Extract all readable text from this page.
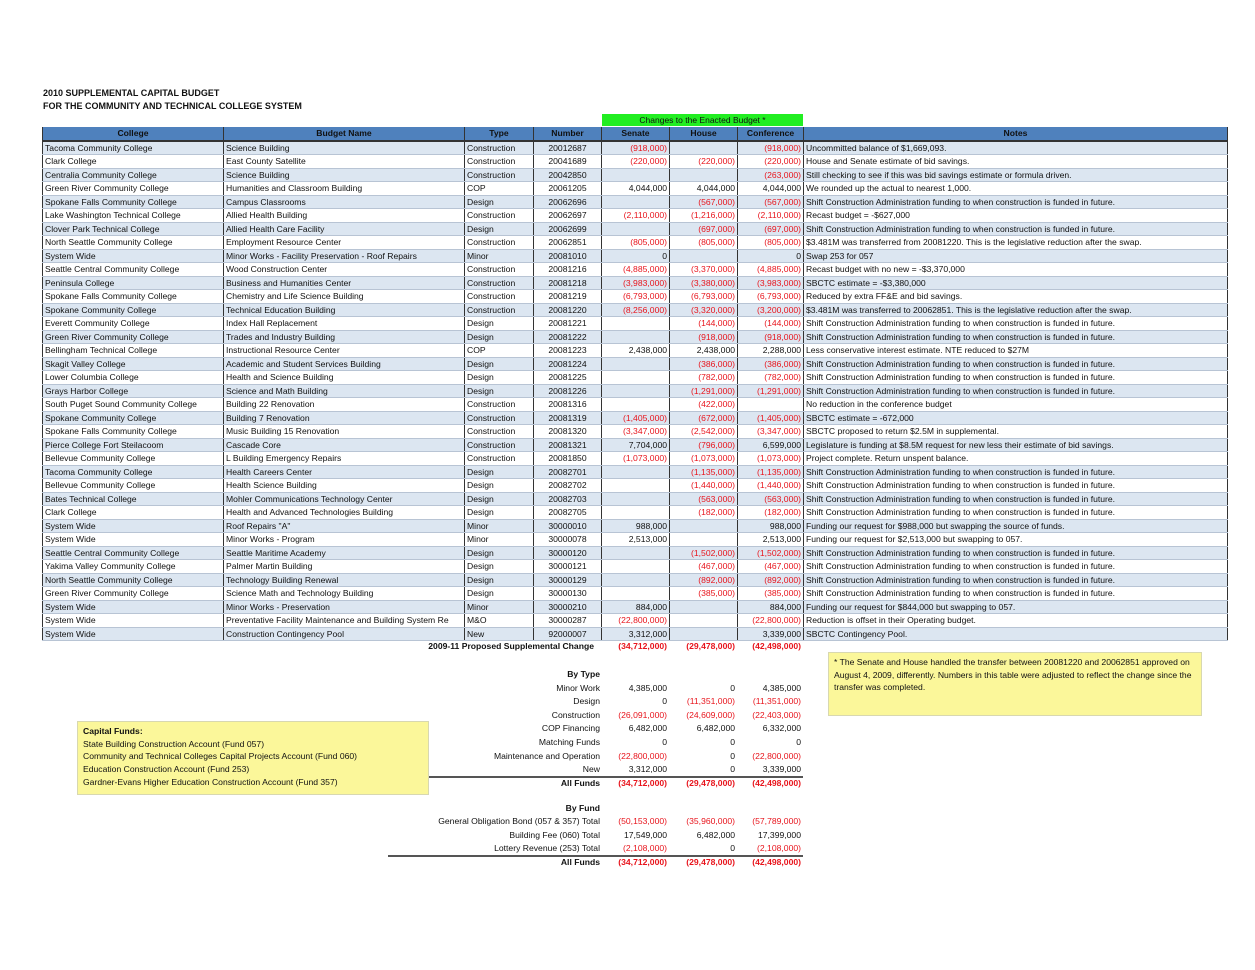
2010 SUPPLEMENTAL CAPITAL BUDGET
FOR THE COMMUNITY AND TECHNICAL COLLEGE SYSTEM
Changes to the Enacted Budget *
College	Budget Name	Type	Number	Senate	House	Conference	Notes
Tacoma Community College	Science Building	Construction	20012687	(918,000)		(918,000)	Uncommitted balance of $1,669,093.
Clark College	East County Satellite	Construction	20041689	(220,000)	(220,000)	(220,000)	House and Senate estimate of bid savings.
Centralia Community College	Science Building	Construction	20042850			(263,000)	Still checking to see if this was bid savings estimate or formula driven.
Green River Community College	Humanities and Classroom Building	COP	20061205	4,044,000	4,044,000	4,044,000	We rounded up the actual to nearest 1,000.
Spokane Falls Community College	Campus Classrooms	Design	20062696		(567,000)	(567,000)	Shift Construction Administration funding to when construction is funded in future.
Lake Washington Technical College	Allied Health Building	Construction	20062697	(2,110,000)	(1,216,000)	(2,110,000)	Recast budget = -$627,000
Clover Park Technical College	Allied Health Care Facility	Design	20062699		(697,000)	(697,000)	Shift Construction Administration funding to when construction is funded in future.
North Seattle Community College	Employment Resource Center	Construction	20062851	(805,000)	(805,000)	(805,000)	$3.481M was transferred from 20081220. This is the legislative reduction after the swap.
System Wide	Minor Works - Facility Preservation - Roof Repairs	Minor	20081010	0		0	Swap 253 for 057
Seattle Central Community College	Wood Construction Center	Construction	20081216	(4,885,000)	(3,370,000)	(4,885,000)	Recast budget with no new = -$3,370,000
Peninsula College	Business and Humanities Center	Construction	20081218	(3,983,000)	(3,380,000)	(3,983,000)	SBCTC estimate = -$3,380,000
Spokane Falls Community College	Chemistry and Life Science Building	Construction	20081219	(6,793,000)	(6,793,000)	(6,793,000)	Reduced by extra FF&E and bid savings.
Spokane Community College	Technical Education Building	Construction	20081220	(8,256,000)	(3,320,000)	(3,200,000)	$3.481M was transferred to 20062851. This is the legislative reduction after the swap.
Everett Community College	Index Hall Replacement	Design	20081221		(144,000)	(144,000)	Shift Construction Administration funding to when construction is funded in future.
Green River Community College	Trades and Industry Building	Design	20081222		(918,000)	(918,000)	Shift Construction Administration funding to when construction is funded in future.
Bellingham Technical College	Instructional Resource Center	COP	20081223	2,438,000	2,438,000	2,288,000	Less conservative interest estimate. NTE reduced to $27M
Skagit Valley College	Academic and Student Services Building	Design	20081224		(386,000)	(386,000)	Shift Construction Administration funding to when construction is funded in future.
Lower Columbia College	Health and Science Building	Design	20081225		(782,000)	(782,000)	Shift Construction Administration funding to when construction is funded in future.
Grays Harbor College	Science and Math Building	Design	20081226		(1,291,000)	(1,291,000)	Shift Construction Administration funding to when construction is funded in future.
South Puget Sound Community College	Building 22 Renovation	Construction	20081316		(422,000)		No reduction in the conference budget
Spokane Community College	Building 7 Renovation	Construction	20081319	(1,405,000)	(672,000)	(1,405,000)	SBCTC estimate = -672,000
Spokane Falls Community College	Music Building 15 Renovation	Construction	20081320	(3,347,000)	(2,542,000)	(3,347,000)	SBCTC proposed to return $2.5M in supplemental.
Pierce College Fort Steilacoom	Cascade Core	Construction	20081321	7,704,000	(796,000)	6,599,000	Legislature is funding at $8.5M request for new less their estimate of bid savings.
Bellevue Community College	L Building Emergency Repairs	Construction	20081850	(1,073,000)	(1,073,000)	(1,073,000)	Project complete. Return unspent balance.
Tacoma Community College	Health Careers Center	Design	20082701		(1,135,000)	(1,135,000)	Shift Construction Administration funding to when construction is funded in future.
Bellevue Community College	Health Science Building	Design	20082702		(1,440,000)	(1,440,000)	Shift Construction Administration funding to when construction is funded in future.
Bates Technical College	Mohler Communications Technology Center	Design	20082703		(563,000)	(563,000)	Shift Construction Administration funding to when construction is funded in future.
Clark College	Health and Advanced Technologies Building	Design	20082705		(182,000)	(182,000)	Shift Construction Administration funding to when construction is funded in future.
System Wide	Roof Repairs "A"	Minor	30000010	988,000		988,000	Funding our request for $988,000 but swapping the source of funds.
System Wide	Minor Works - Program	Minor	30000078	2,513,000		2,513,000	Funding our request for $2,513,000 but swapping to 057.
Seattle Central Community College	Seattle Maritime Academy	Design	30000120		(1,502,000)	(1,502,000)	Shift Construction Administration funding to when construction is funded in future.
Yakima Valley Community College	Palmer Martin Building	Design	30000121		(467,000)	(467,000)	Shift Construction Administration funding to when construction is funded in future.
North Seattle Community College	Technology Building Renewal	Design	30000129		(892,000)	(892,000)	Shift Construction Administration funding to when construction is funded in future.
Green River Community College	Science Math and Technology Building	Design	30000130		(385,000)	(385,000)	Shift Construction Administration funding to when construction is funded in future.
System Wide	Minor Works - Preservation	Minor	30000210	884,000		884,000	Funding our request for $844,000 but swapping to 057.
System Wide	Preventative Facility Maintenance and Building System Re	M&O	30000287	(22,800,000)		(22,800,000)	Reduction is offset in their Operating budget.
System Wide	Construction Contingency Pool	New	92000007	3,312,000		3,339,000	SBCTC Contingency Pool.
2009-11 Proposed Supplemental Change	(34,712,000)	(29,478,000)	(42,498,000)
By Type
Minor Work	4,385,000	0	4,385,000
Design	0	(11,351,000)	(11,351,000)
Construction	(26,091,000)	(24,609,000)	(22,403,000)
COP Financing	6,482,000	6,482,000	6,332,000
Matching Funds	0	0	0
Maintenance and Operation	(22,800,000)	0	(22,800,000)
New	3,312,000	0	3,339,000
All Funds	(34,712,000)	(29,478,000)	(42,498,000)
By Fund
General Obligation Bond (057 & 357) Total	(50,153,000)	(35,960,000)	(57,789,000)
Building Fee (060) Total	17,549,000	6,482,000	17,399,000
Lottery Revenue (253) Total	(2,108,000)	0	(2,108,000)
All Funds	(34,712,000)	(29,478,000)	(42,498,000)
Capital Funds:
State Building Construction Account (Fund 057)
Community and Technical Colleges Capital Projects Account (Fund 060)
Education Construction Account (Fund 253)
Gardner-Evans Higher Education Construction Account (Fund 357)
* The Senate and House handled the transfer between 20081220 and 20062851 approved on August 4, 2009, differently. Numbers in this table were adjusted to reflect the change since the transfer was completed.
